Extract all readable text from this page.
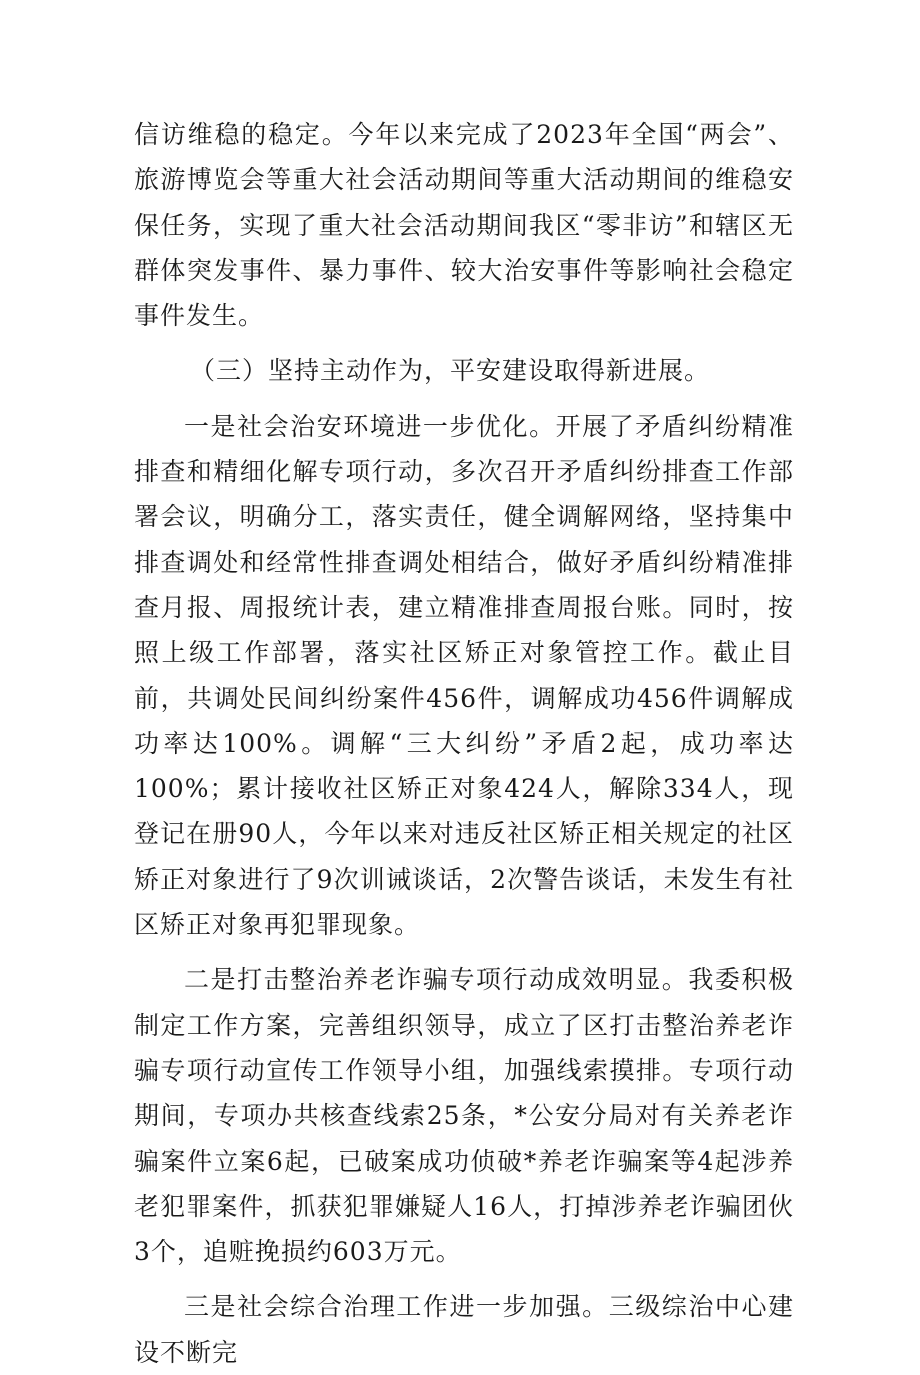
信访维稳的稳定。今年以来完成了2023年全国“两会”、旅游博览会等重大社会活动期间等重大活动期间的维稳安保任务，实现了重大社会活动期间我区“零非访”和辖区无群体突发事件、暴力事件、较大治安事件等影响社会稳定事件发生。

（三）坚持主动作为，平安建设取得新进展。

一是社会治安环境进一步优化。开展了矛盾纠纷精准排查和精细化解专项行动，多次召开矛盾纠纷排查工作部署会议，明确分工，落实责任，健全调解网络，坚持集中排查调处和经常性排查调处相结合，做好矛盾纠纷精准排查月报、周报统计表，建立精准排查周报台账。同时，按照上级工作部署，落实社区矫正对象管控工作。截止目前，共调处民间纠纷案件456件，调解成功456件调解成功率达100%。调解“三大纠纷”矛盾2起，成功率达100%；累计接收社区矫正对象424人，解除334人，现登记在册90人，今年以来对违反社区矫正相关规定的社区矫正对象进行了9次训诫谈话，2次警告谈话，未发生有社区矫正对象再犯罪现象。

二是打击整治养老诈骗专项行动成效明显。我委积极制定工作方案，完善组织领导，成立了区打击整治养老诈骗专项行动宣传工作领导小组，加强线索摸排。专项行动期间，专项办共核查线索25条，*公安分局对有关养老诈骗案件立案6起，已破案成功侦破*养老诈骗案等4起涉养老犯罪案件，抓获犯罪嫌疑人16人，打掉涉养老诈骗团伙3个，追赃挽损约603万元。

三是社会综合治理工作进一步加强。三级综治中心建设不断完
